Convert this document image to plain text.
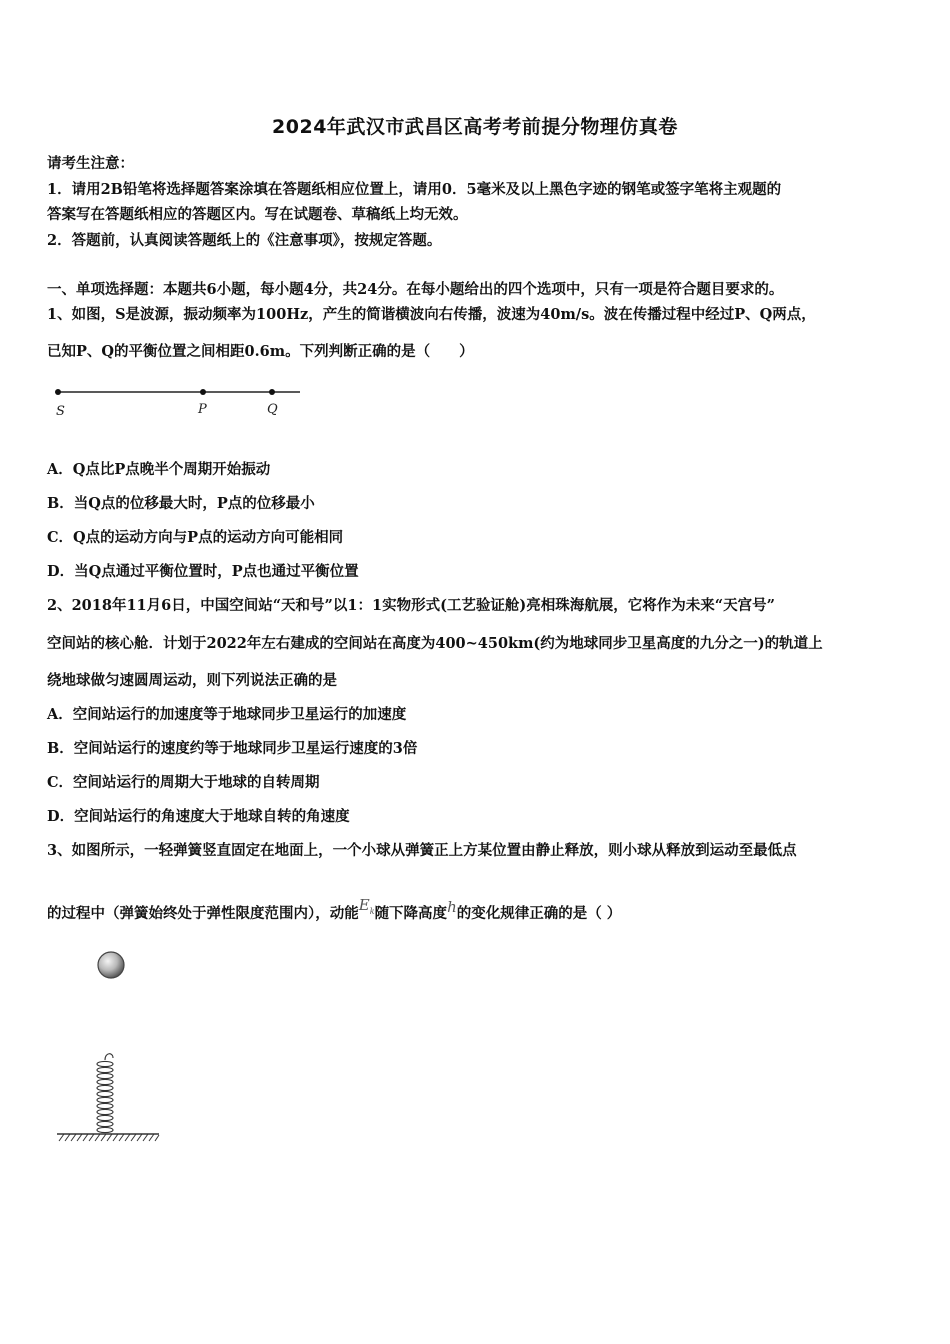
2024年武汉市武昌区高考考前提分物理仿真卷
请考生注意：
1．请用2B铅笔将选择题答案涂填在答题纸相应位置上，请用0．5毫米及以上黑色字迹的钢笔或签字笔将主观题的
答案写在答题纸相应的答题区内。写在试题卷、草稿纸上均无效。
2．答题前，认真阅读答题纸上的《注意事项》，按规定答题。
一、单项选择题：本题共6小题，每小题4分，共24分。在每小题给出的四个选项中，只有一项是符合题目要求的。
1、如图，S是波源，振动频率为100Hz，产生的简谐横波向右传播，波速为40m/s。波在传播过程中经过P、Q两点，
已知P、Q的平衡位置之间相距0.6m。下列判断正确的是（　　）
S	P	Q
A．Q点比P点晚半个周期开始振动
B．当Q点的位移最大时，P点的位移最小
C．Q点的运动方向与P点的运动方向可能相同
D．当Q点通过平衡位置时，P点也通过平衡位置
2、2018年11月6日，中国空间站“天和号”以1：1实物形式(工艺验证舱)亮相珠海航展，它将作为未来“天宫号”
空间站的核心舱．计划于2022年左右建成的空间站在高度为400~450km(约为地球同步卫星高度的九分之一)的轨道上
绕地球做匀速圆周运动，则下列说法正确的是
A．空间站运行的加速度等于地球同步卫星运行的加速度
B．空间站运行的速度约等于地球同步卫星运行速度的3倍
C．空间站运行的周期大于地球的自转周期
D．空间站运行的角速度大于地球自转的角速度
3、如图所示，一轻弹簧竖直固定在地面上，一个小球从弹簧正上方某位置由静止释放，则小球从释放到运动至最低点
的过程中（弹簧始终处于弹性限度范围内），动能$E_k$随下降高度h的变化规律正确的是（ ）
